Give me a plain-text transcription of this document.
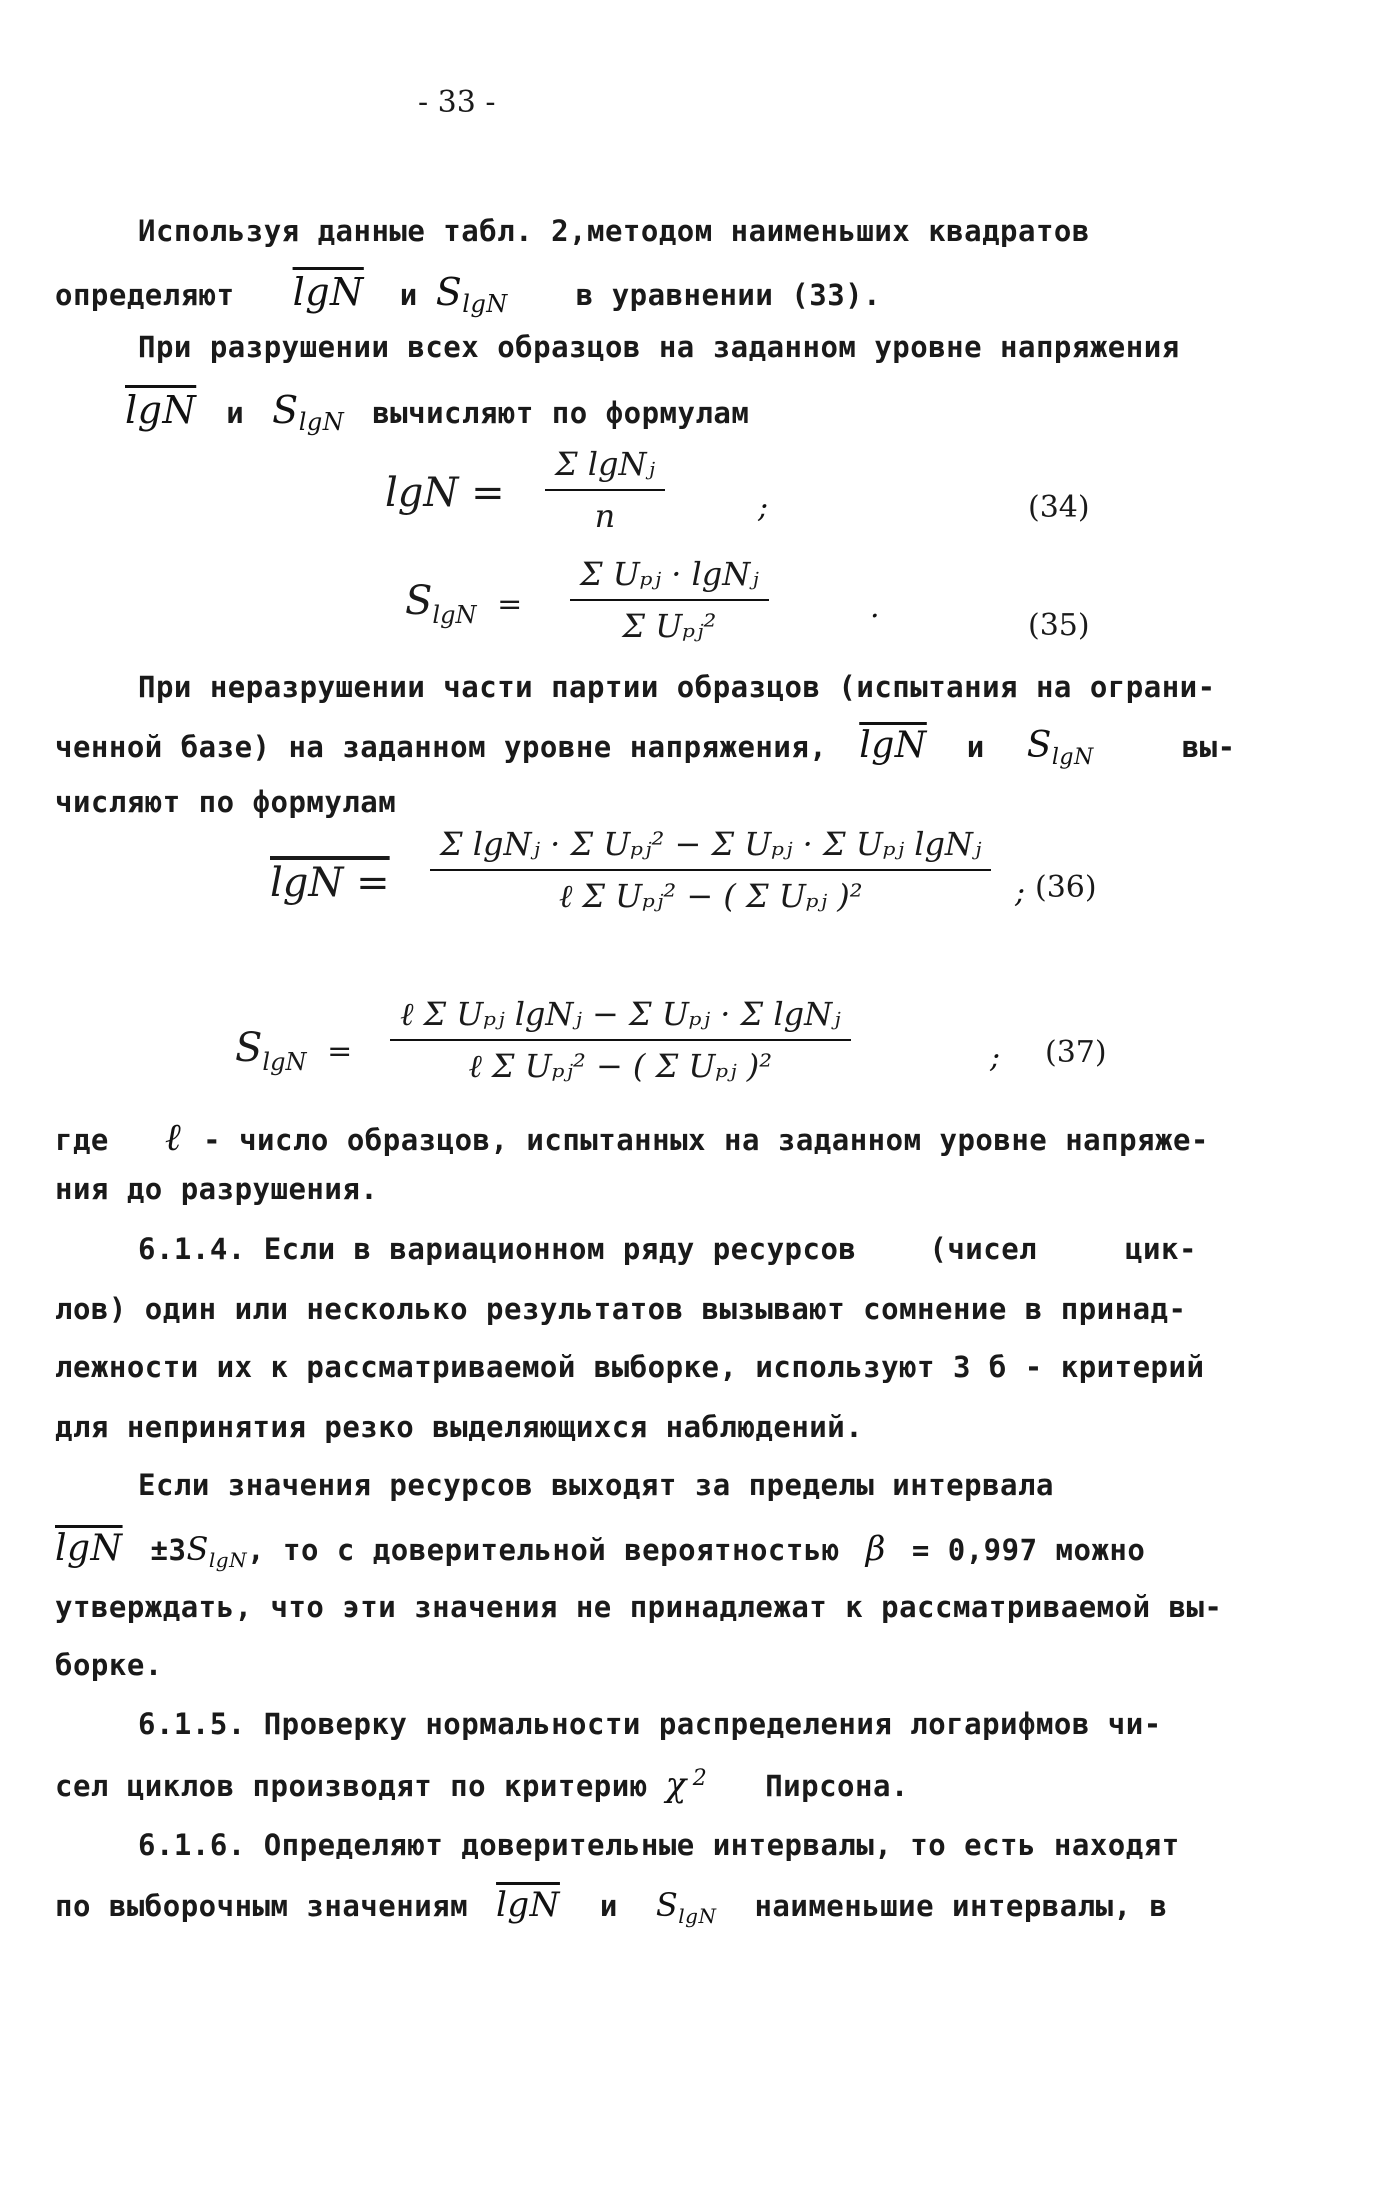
- 33 -
Используя данные табл. 2,методом наименьших квадратов
определяют $\overline{lgN}$ и $S_{lgN}$ в уравнении (33).
При разрушении всех образцов на заданном уровне напряжения
$\overline{lgN}$ и $S_{lgN}$ вычисляют по формулам
lgN =
Σ lgNⱼ
n	;	(34)
$S_{lgN}$ =
Σ Uₚⱼ · lgNⱼ
Σ Uₚⱼ²	.
(35)
При неразрушении части партии образцов (испытания на ограни-
ченной базе) на заданном уровне напряжения, $\overline{lgN}$ и $S_{lgN}$	вы-
числяют по формулам
lgN =
Σ lgNⱼ · Σ Uₚⱼ² − Σ Uₚⱼ · Σ Uₚⱼ lgNⱼ
ℓ Σ Uₚⱼ² − ( Σ Uₚⱼ )²	; (36)
$S_{lgN}$ =
ℓ Σ Uₚⱼ lgNⱼ − Σ Uₚⱼ · Σ lgNⱼ
ℓ Σ Uₚⱼ² − ( Σ Uₚⱼ )²	; (37)
где ℓ - число образцов, испытанных на заданном уровне напряже-
ния до разрушения.
6.1.4. Если в вариационном ряду ресурсов	(чисел	цик-
лов) один или несколько результатов вызывают сомнение в принад-
лежности их к рассматриваемой выборке, используют 3 б - критерий
для непринятия резко выделяющихся наблюдений.
Если значения ресурсов выходят за пределы интервала
$\overline{lgN} \pm 3S_{lgN}$, то с доверительной вероятностью β = 0,997 можно
утверждать, что эти значения не принадлежат к рассматриваемой вы-
борке.
6.1.5. Проверку нормальности распределения логарифмов чи-
сел циклов производят по критерию χ $^2$ Пирсона.
6.1.6. Определяют доверительные интервалы, то есть находят
по выборочным значениям $\overline{lgN}$ и $S_{lgN}$ наименьшие интервалы, в
